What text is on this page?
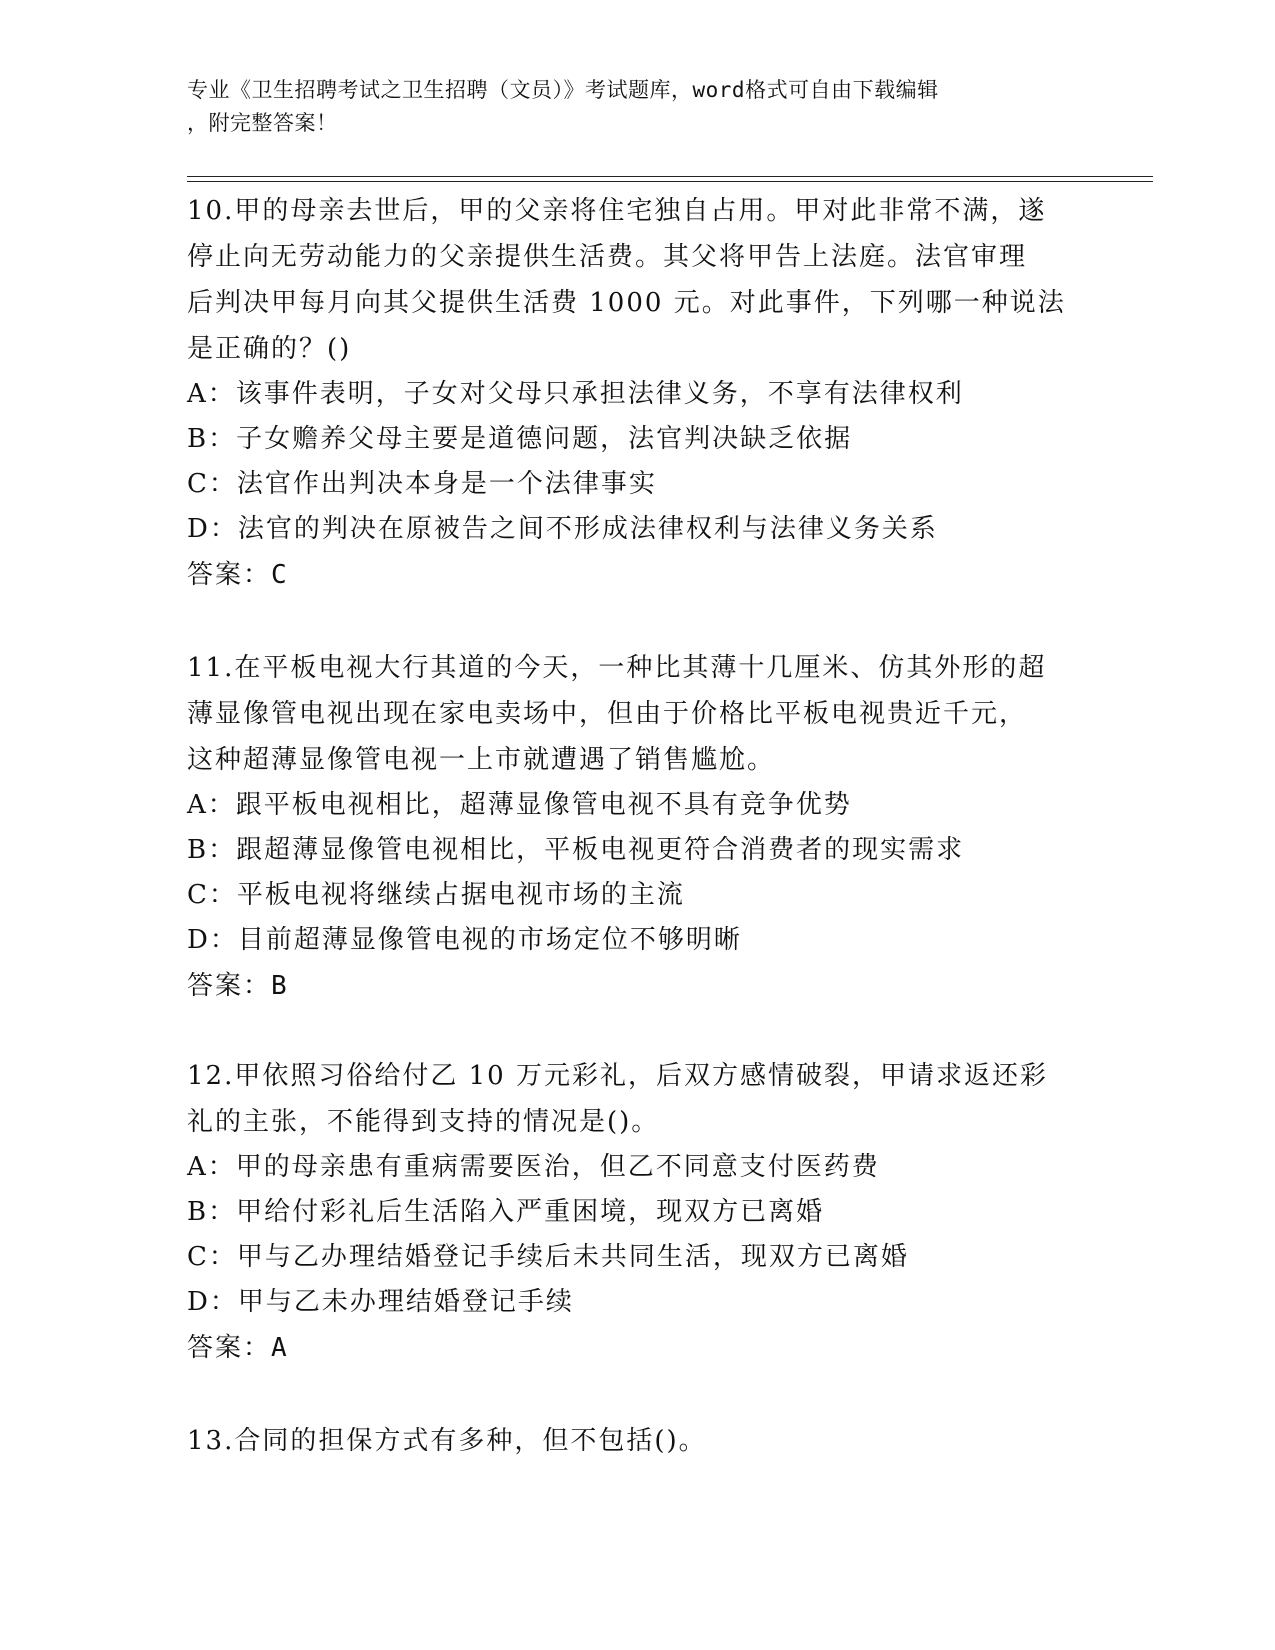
专业《卫生招聘考试之卫生招聘（文员）》考试题库，word格式可自由下载编辑
，附完整答案！
10.甲的母亲去世后，甲的父亲将住宅独自占用。甲对此非常不满，遂
停止向无劳动能力的父亲提供生活费。其父将甲告上法庭。法官审理
后判决甲每月向其父提供生活费 1000 元。对此事件，下列哪一种说法
是正确的？()
A：该事件表明，子女对父母只承担法律义务，不享有法律权利
B：子女赡养父母主要是道德问题，法官判决缺乏依据
C：法官作出判决本身是一个法律事实
D：法官的判决在原被告之间不形成法律权利与法律义务关系
答案：C
11.在平板电视大行其道的今天，一种比其薄十几厘米、仿其外形的超
薄显像管电视出现在家电卖场中，但由于价格比平板电视贵近千元，
这种超薄显像管电视一上市就遭遇了销售尴尬。
A：跟平板电视相比，超薄显像管电视不具有竞争优势
B：跟超薄显像管电视相比，平板电视更符合消费者的现实需求
C：平板电视将继续占据电视市场的主流
D：目前超薄显像管电视的市场定位不够明晰
答案：B
12.甲依照习俗给付乙 10 万元彩礼，后双方感情破裂，甲请求返还彩
礼的主张，不能得到支持的情况是()。
A：甲的母亲患有重病需要医治，但乙不同意支付医药费
B：甲给付彩礼后生活陷入严重困境，现双方已离婚
C：甲与乙办理结婚登记手续后未共同生活，现双方已离婚
D：甲与乙未办理结婚登记手续
答案：A
13.合同的担保方式有多种，但不包括()。
